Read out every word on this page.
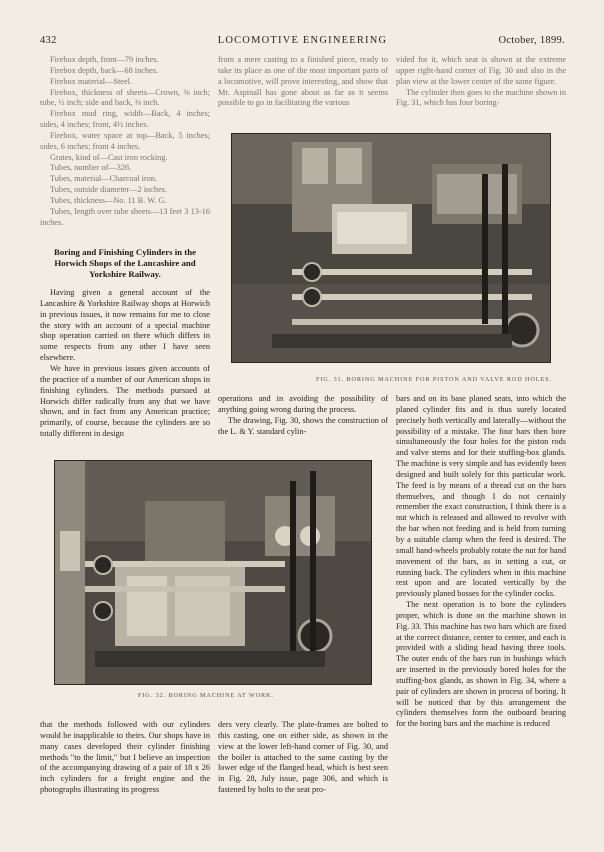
432	LOCOMOTIVE ENGINEERING	October, 1899.

Firebox depth, front—79 inches.

Firebox depth, back—68 inches.

Firebox material—Steel.

Firebox, thickness of sheets—Crown, ⅜ inch; tube, ½ inch; side and back, ⅜ inch.

Firebox mud ring, width—Back, 4 inches; sides, 4 inches; front, 4½ inches.

Firebox, water space at top—Back, 5 inches; sides, 6 inches; front 4 inches.

Grates, kind of—Cast iron rocking.

Tubes, number of—326.

Tubes, material—Charcoal iron.

Tubes, outside diameter—2 inches.

Tubes, thickness—No. 11 B. W. G.

Tubes, length over tube sheets—13 feet 3 13-16 inches.

Boring and Finishing Cylinders in the Horwich Shops of the Lancashire and Yorkshire Railway.

Having given a general account of the Lancashire & Yorkshire Railway shops at Horwich in previous issues, it now remains for me to close the story with an account of a special machine shop operation carried on there which differs in some respects from any other I have seen elsewhere.

We have in previous issues given accounts of the practice of a number of our American shops in finishing cylinders. The methods pursued at Horwich differ radically from any that we have shown, and in fact from any American practice; primarily, of course, because the cylinders are so totally different in design

from a mere casting to a finished piece, ready to take its place as one of the most important parts of a locomotive, will prove interesting, and show that Mr. Aspinall has gone about as far as it seems possible to go in facilitating the various

vided for it, which seat is shown at the extreme upper right-hand corner of Fig. 30 and also in the plan view at the lower center of the same figure.

The cylinder then goes to the machine shown in Fig. 31, which has four boring-

FIG. 31. BORING MACHINE FOR PISTON AND VALVE ROD HOLES.

operations and in avoiding the possibility of anything going wrong during the process.

The drawing, Fig. 30, shows the construction of the L. & Y. standard cylin-

bars and on its base planed seats, into which the planed cylinder fits and is thus surely located precisely both vertically and laterally—without the possibility of a mistake. The four bars then bore simultaneously the four holes for the piston rods and valve stems and for their stuffing-box glands. The machine is very simple and has evidently been designed and built solely for this particular work. The feed is by means of a thread cut on the bars themselves, and though I do not certainly remember the exact construction, I think there is a nut which is released and allowed to revolve with the bar when not feeding and is held from turning by a suitable clamp when the feed is desired. The small hand-wheels probably rotate the nut for hand movement of the bars, as in setting a cut, or running back. The cylinders when in this machine rest upon and are located vertically by the previously planed bosses for the cylinder cocks.

The next operation is to bore the cylinders proper, which is done on the machine shown in Fig. 33. This machine has two bars which are fixed at the correct distance, center to center, and each is provided with a sliding head having three tools. The outer ends of the bars run in bushings which are inserted in the previously bored holes for the stuffing-box glands, as shown in Fig. 34, where a pair of cylinders are shown in process of boring. It will be noticed that by this arrangement the cylinders themselves form the outboard bearing for the boring bars and the machine is reduced

FIG. 32. BORING MACHINE AT WORK.

that the methods followed with our cylinders would be inapplicable to theirs. Our shops have in many cases developed their cylinder finishing methods "to the limit," but I believe an inspection of the accompanying drawing of a pair of 18 x 26 inch cylinders for a freight engine and the photographs illustrating its progress

ders very clearly. The plate-frames are bolted to this casting, one on either side, as shown in the view at the lower left-hand corner of Fig. 30, and the boiler is attached to the same casting by the lower edge of the flanged head, which is best seen in Fig. 28, July issue, page 306, and which is fastened by bolts to the seat pro-
